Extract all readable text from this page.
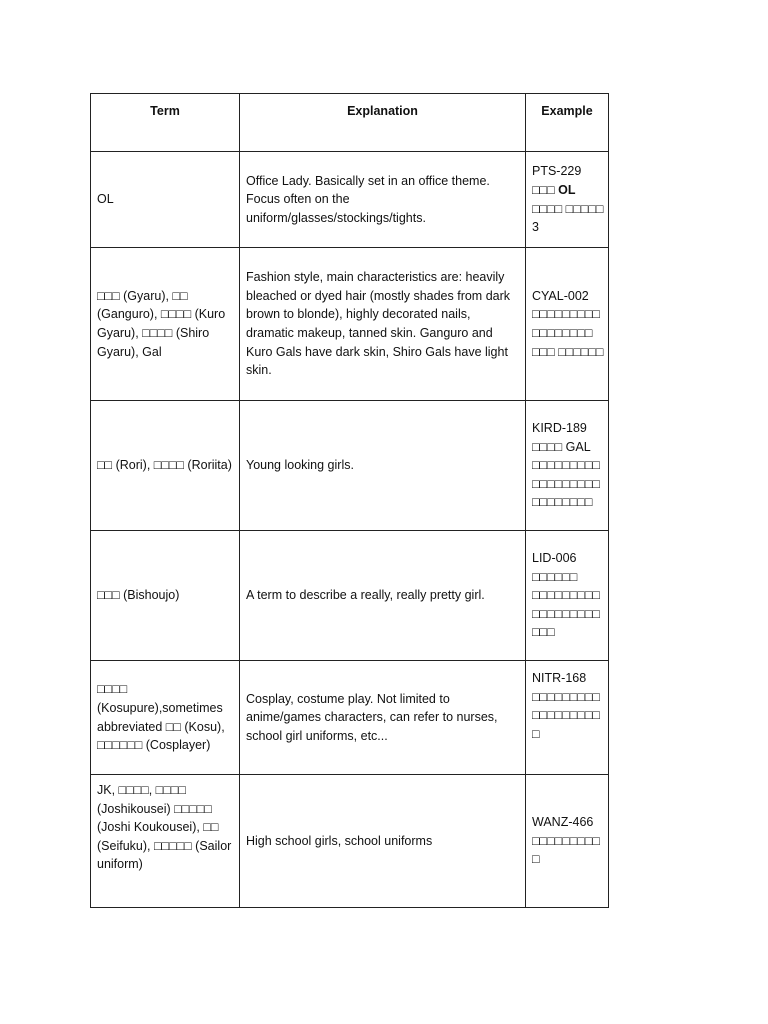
Term	Explanation	Example
OL	Office Lady. Basically set in an office theme. Focus often on the uniform/glasses/stockings/tights.	PTS-229 □□□ OL □□□□ □□□□□ 3
□□□ (Gyaru), □□ (Ganguro), □□□□ (Kuro Gyaru), □□□□ (Shiro Gyaru), Gal	Fashion style, main characteristics are: heavily bleached or dyed hair (mostly shades from dark brown to blonde), highly decorated nails, dramatic makeup, tanned skin. Ganguro and Kuro Gals have dark skin, Shiro Gals have light skin.	CYAL-002 □□□□□□□□□□□□□□□□□ □□□ □□□□□□
□□ (Rori), □□□□ (Roriita)	Young looking girls.	KIRD-189 □□□□ GAL □□□□□□□□□□□□□□□□□□□□□□□□□□
□□□ (Bishoujo)	A term to describe a really, really pretty girl.	LID-006 □□□□□□ □□□□□□□□□□□□□□□□□□ □□□
□□□□ (Kosupure),sometimes abbreviated □□ (Kosu), □□□□□□ (Cosplayer)	Cosplay, costume play. Not limited to anime/games characters, can refer to nurses, school girl uniforms, etc...	NITR-168 □□□□□□□□□□□□□□□□□□□
JK, □□□□, □□□□ (Joshikousei) □□□□□ (Joshi Koukousei), □□ (Seifuku), □□□□□ (Sailor uniform)	High school girls, school uniforms	WANZ-466 □□□□□□□□□□
